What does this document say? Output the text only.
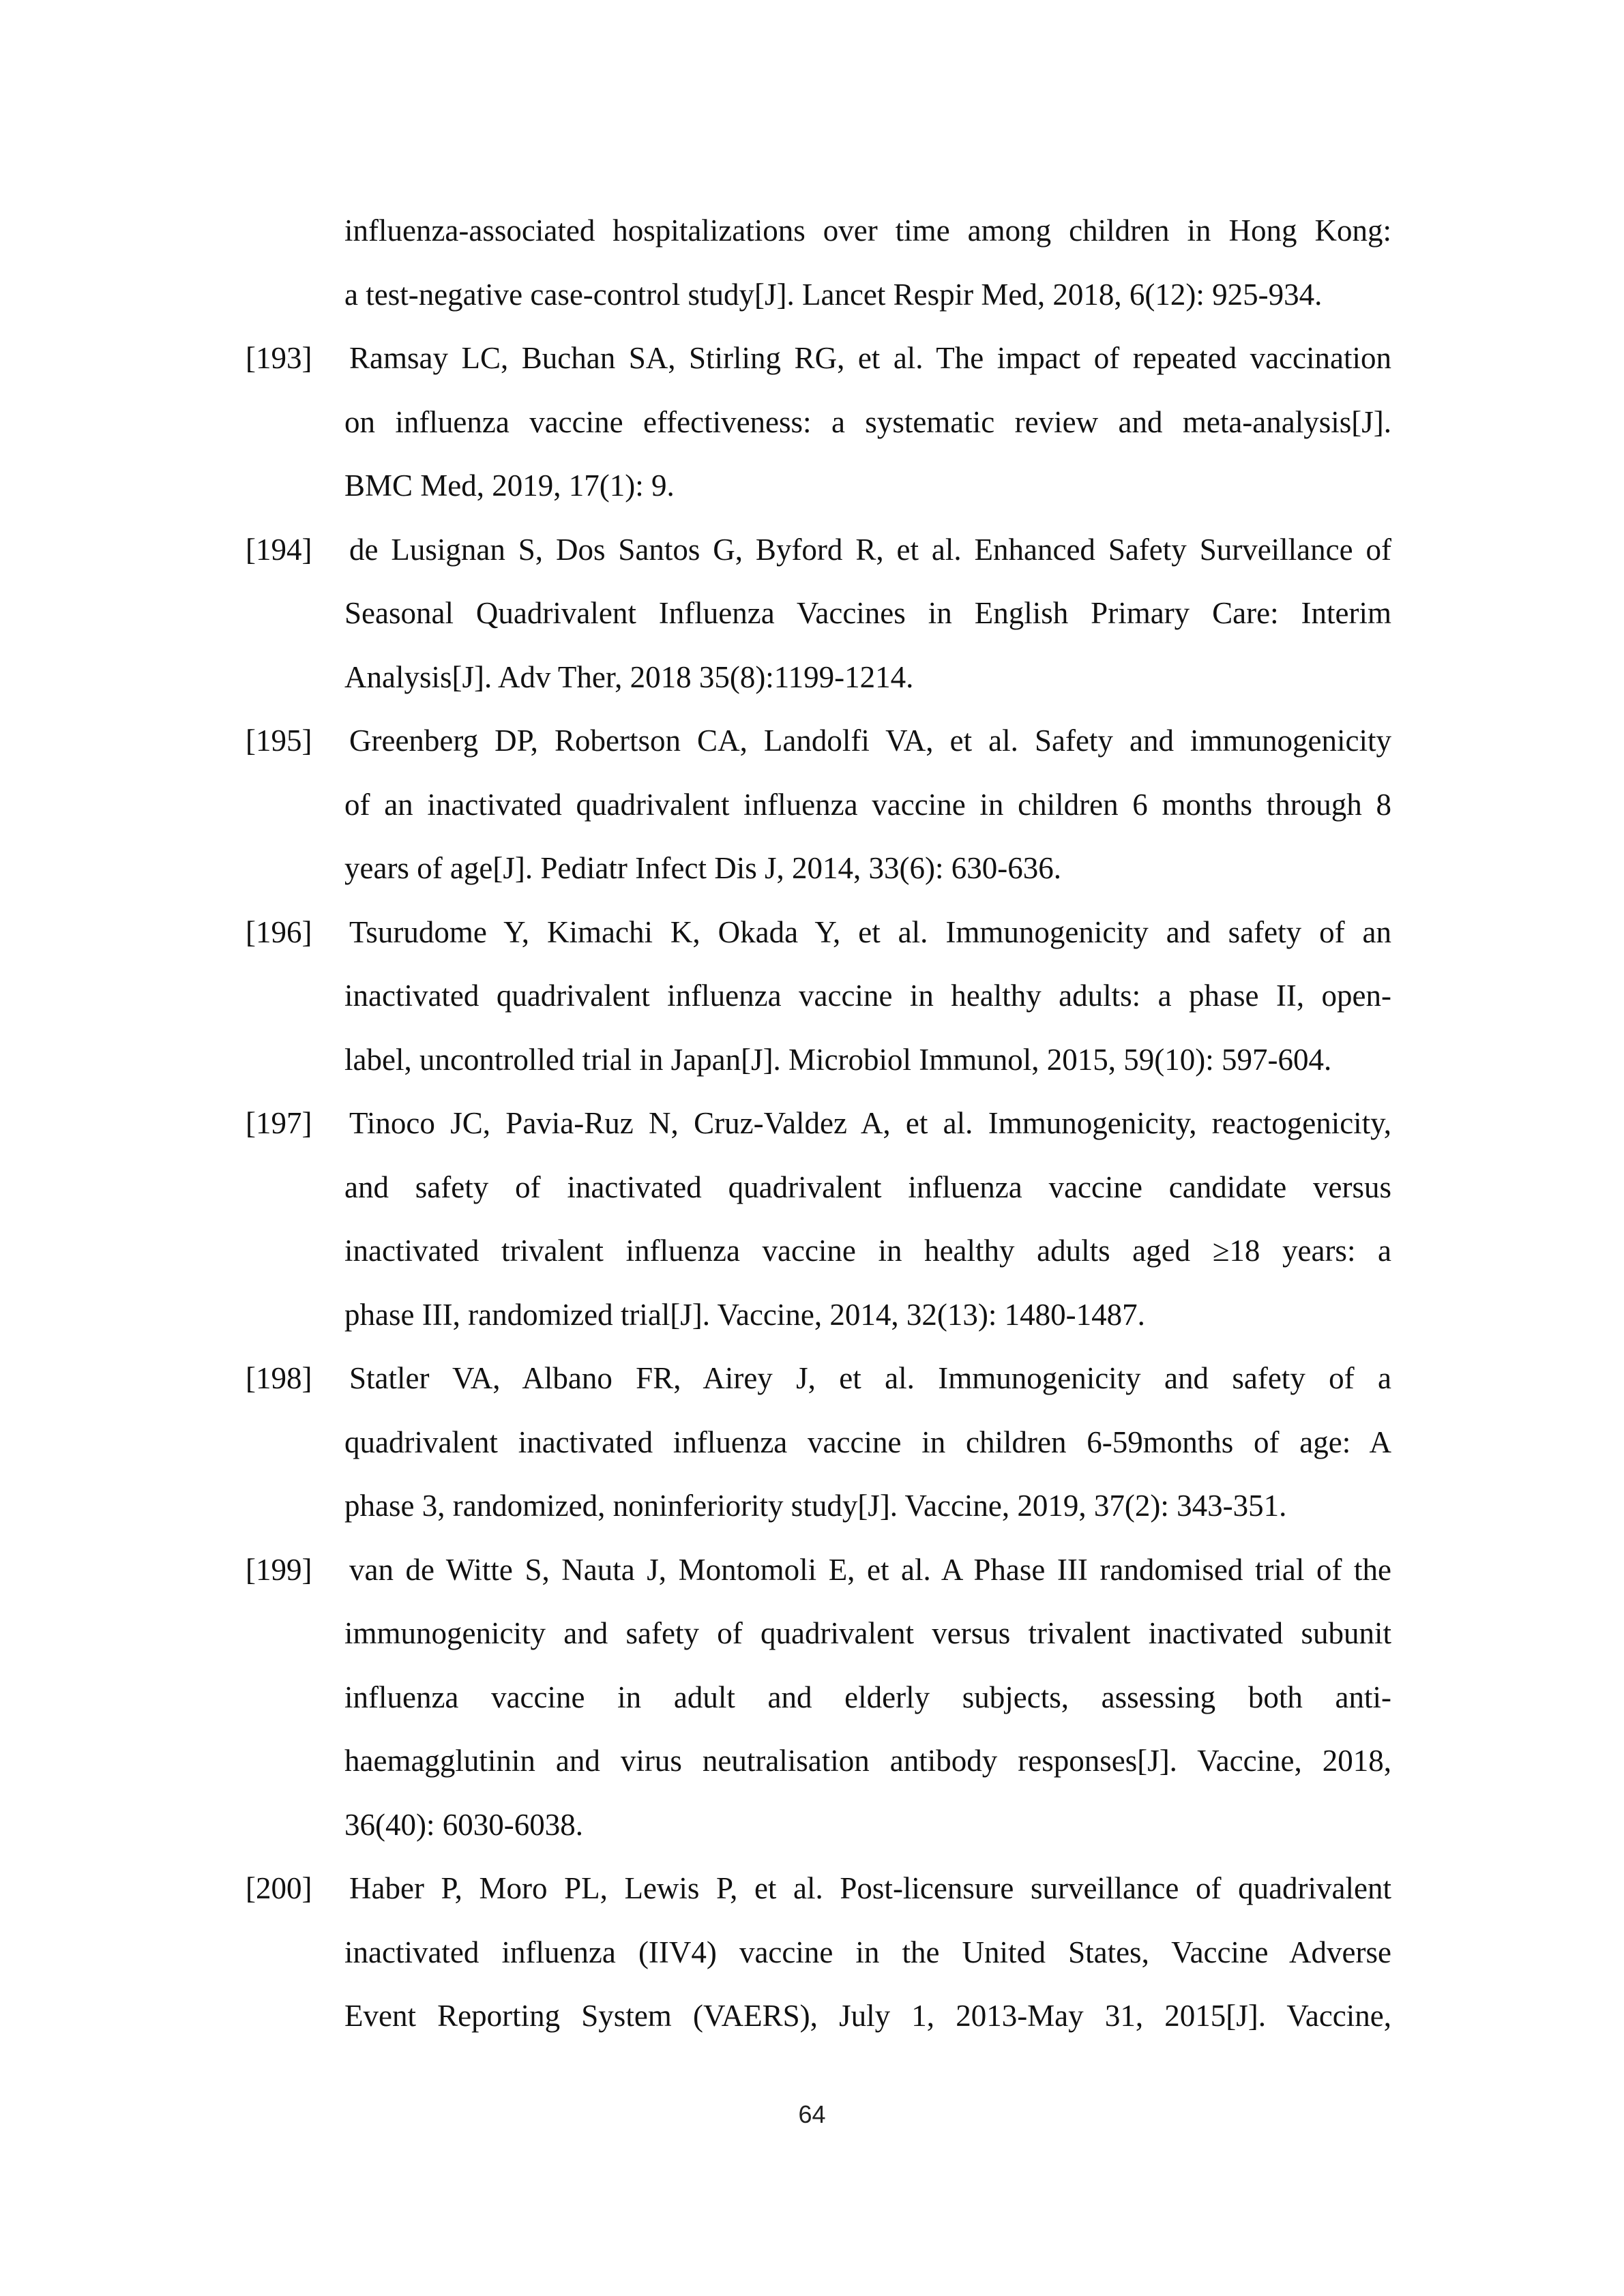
influenza-associated hospitalizations over time among children in Hong Kong:
a test-negative case-control study[J]. Lancet Respir Med, 2018, 6(12): 925-934.
[193] Ramsay LC, Buchan SA, Stirling RG, et al. The impact of repeated vaccination
on influenza vaccine effectiveness: a systematic review and meta-analysis[J].
BMC Med, 2019, 17(1): 9.
[194] de Lusignan S, Dos Santos G, Byford R, et al. Enhanced Safety Surveillance of
Seasonal Quadrivalent Influenza Vaccines in English Primary Care: Interim
Analysis[J]. Adv Ther, 2018 35(8):1199-1214.
[195] Greenberg DP, Robertson CA, Landolfi VA, et al. Safety and immunogenicity
of an inactivated quadrivalent influenza vaccine in children 6 months through 8
years of age[J]. Pediatr Infect Dis J, 2014, 33(6): 630-636.
[196] Tsurudome Y, Kimachi K, Okada Y, et al. Immunogenicity and safety of an
inactivated quadrivalent influenza vaccine in healthy adults: a phase II, open-
label, uncontrolled trial in Japan[J]. Microbiol Immunol, 2015, 59(10): 597-604.
[197] Tinoco JC, Pavia-Ruz N, Cruz-Valdez A, et al. Immunogenicity, reactogenicity,
and safety of inactivated quadrivalent influenza vaccine candidate versus
inactivated trivalent influenza vaccine in healthy adults aged ≥18 years: a
phase III, randomized trial[J]. Vaccine, 2014, 32(13): 1480-1487.
[198] Statler VA, Albano FR, Airey J, et al. Immunogenicity and safety of a
quadrivalent inactivated influenza vaccine in children 6-59months of age: A
phase 3, randomized, noninferiority study[J]. Vaccine, 2019, 37(2): 343-351.
[199] van de Witte S, Nauta J, Montomoli E, et al. A Phase III randomised trial of the
immunogenicity and safety of quadrivalent versus trivalent inactivated subunit
influenza vaccine in adult and elderly subjects, assessing both anti-
haemagglutinin and virus neutralisation antibody responses[J]. Vaccine, 2018,
36(40): 6030-6038.
[200] Haber P, Moro PL, Lewis P, et al. Post-licensure surveillance of quadrivalent
inactivated influenza (IIV4) vaccine in the United States, Vaccine Adverse
Event Reporting System (VAERS), July 1, 2013-May 31, 2015[J]. Vaccine,
64
